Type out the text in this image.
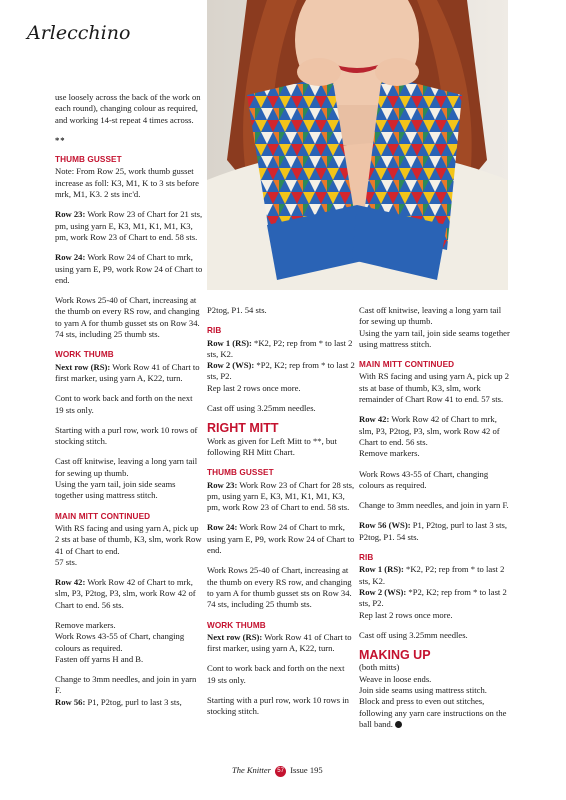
Arlecchino

use loosely across the back of the work on each round), changing colour as required, and working 14-st repeat 4 times across.

**
THUMB GUSSET

Note: From Row 25, work thumb gusset increase as foll: K3, M1, K to 3 sts before mrk, M1, K3. 2 sts inc'd.

Row 23: Work Row 23 of Chart for 21 sts, pm, using yarn E, K3, M1, K1, M1, K3, pm, work Row 23 of Chart to end. 58 sts.

Row 24: Work Row 24 of Chart to mrk, using yarn E, P9, work Row 24 of Chart to end.

Work Rows 25-40 of Chart, increasing at the thumb on every RS row, and changing to yarn A for thumb gusset sts on Row 34.

74 sts, including 25 thumb sts.

WORK THUMB

Next row (RS): Work Row 41 of Chart to first marker, using yarn A, K22, turn.

Cont to work back and forth on the next 19 sts only.

Starting with a purl row, work 10 rows of stocking stitch.

Cast off knitwise, leaving a long yarn tail for sewing up thumb.

Using the yarn tail, join side seams together using mattress stitch.

MAIN MITT CONTINUED

With RS facing and using yarn A, pick up 2 sts at base of thumb, K3, slm, work Row 41 of Chart to end.

57 sts.

Row 42: Work Row 42 of Chart to mrk, slm, P3, P2tog, P3, slm, work Row 42 of Chart to end. 56 sts.

Remove markers.

Work Rows 43-55 of Chart, changing colours as required.

Fasten off yarns H and B.

Change to 3mm needles, and join in yarn F.

Row 56: P1, P2tog, purl to last 3 sts,

P2tog, P1. 54 sts.

RIB

Row 1 (RS): *K2, P2; rep from * to last 2 sts, K2.

Row 2 (WS): *P2, K2; rep from * to last 2 sts, P2.

Rep last 2 rows once more.

Cast off using 3.25mm needles.

RIGHT MITT

Work as given for Left Mitt to **, but following RH Mitt Chart.

THUMB GUSSET

Row 23: Work Row 23 of Chart for 28 sts, pm, using yarn E, K3, M1, K1, M1, K3, pm, work Row 23 of Chart to end. 58 sts.

Row 24: Work Row 24 of Chart to mrk, using yarn E, P9, work Row 24 of Chart to end.

Work Rows 25-40 of Chart, increasing at the thumb on every RS row, and changing to yarn A for thumb gusset sts on Row 34.

74 sts, including 25 thumb sts.

WORK THUMB

Next row (RS): Work Row 41 of Chart to first marker, using yarn A, K22, turn.

Cont to work back and forth on the next 19 sts only.

Starting with a purl row, work 10 rows in stocking stitch.

Cast off knitwise, leaving a long yarn tail for sewing up thumb.

Using the yarn tail, join side seams together using mattress stitch.

MAIN MITT CONTINUED

With RS facing and using yarn A, pick up 2 sts at base of thumb, K3, slm, work remainder of Chart Row 41 to end. 57 sts.

Row 42: Work Row 42 of Chart to mrk, slm, P3, P2tog, P3, slm, work Row 42 of Chart to end. 56 sts.

Remove markers.

Work Rows 43-55 of Chart, changing colours as required.

Change to 3mm needles, and join in yarn F.

Row 56 (WS): P1, P2tog, purl to last 3 sts, P2tog, P1. 54 sts.

RIB

Row 1 (RS): *K2, P2; rep from * to last 2 sts, K2.

Row 2 (WS): *P2, K2; rep from * to last 2 sts, P2.

Rep last 2 rows once more.

Cast off using 3.25mm needles.

MAKING UP

(both mitts)

Weave in loose ends.

Join side seams using mattress stitch.

Block and press to even out stitches, following any yarn care instructions on the ball band.

The Knitter 57 Issue 195
